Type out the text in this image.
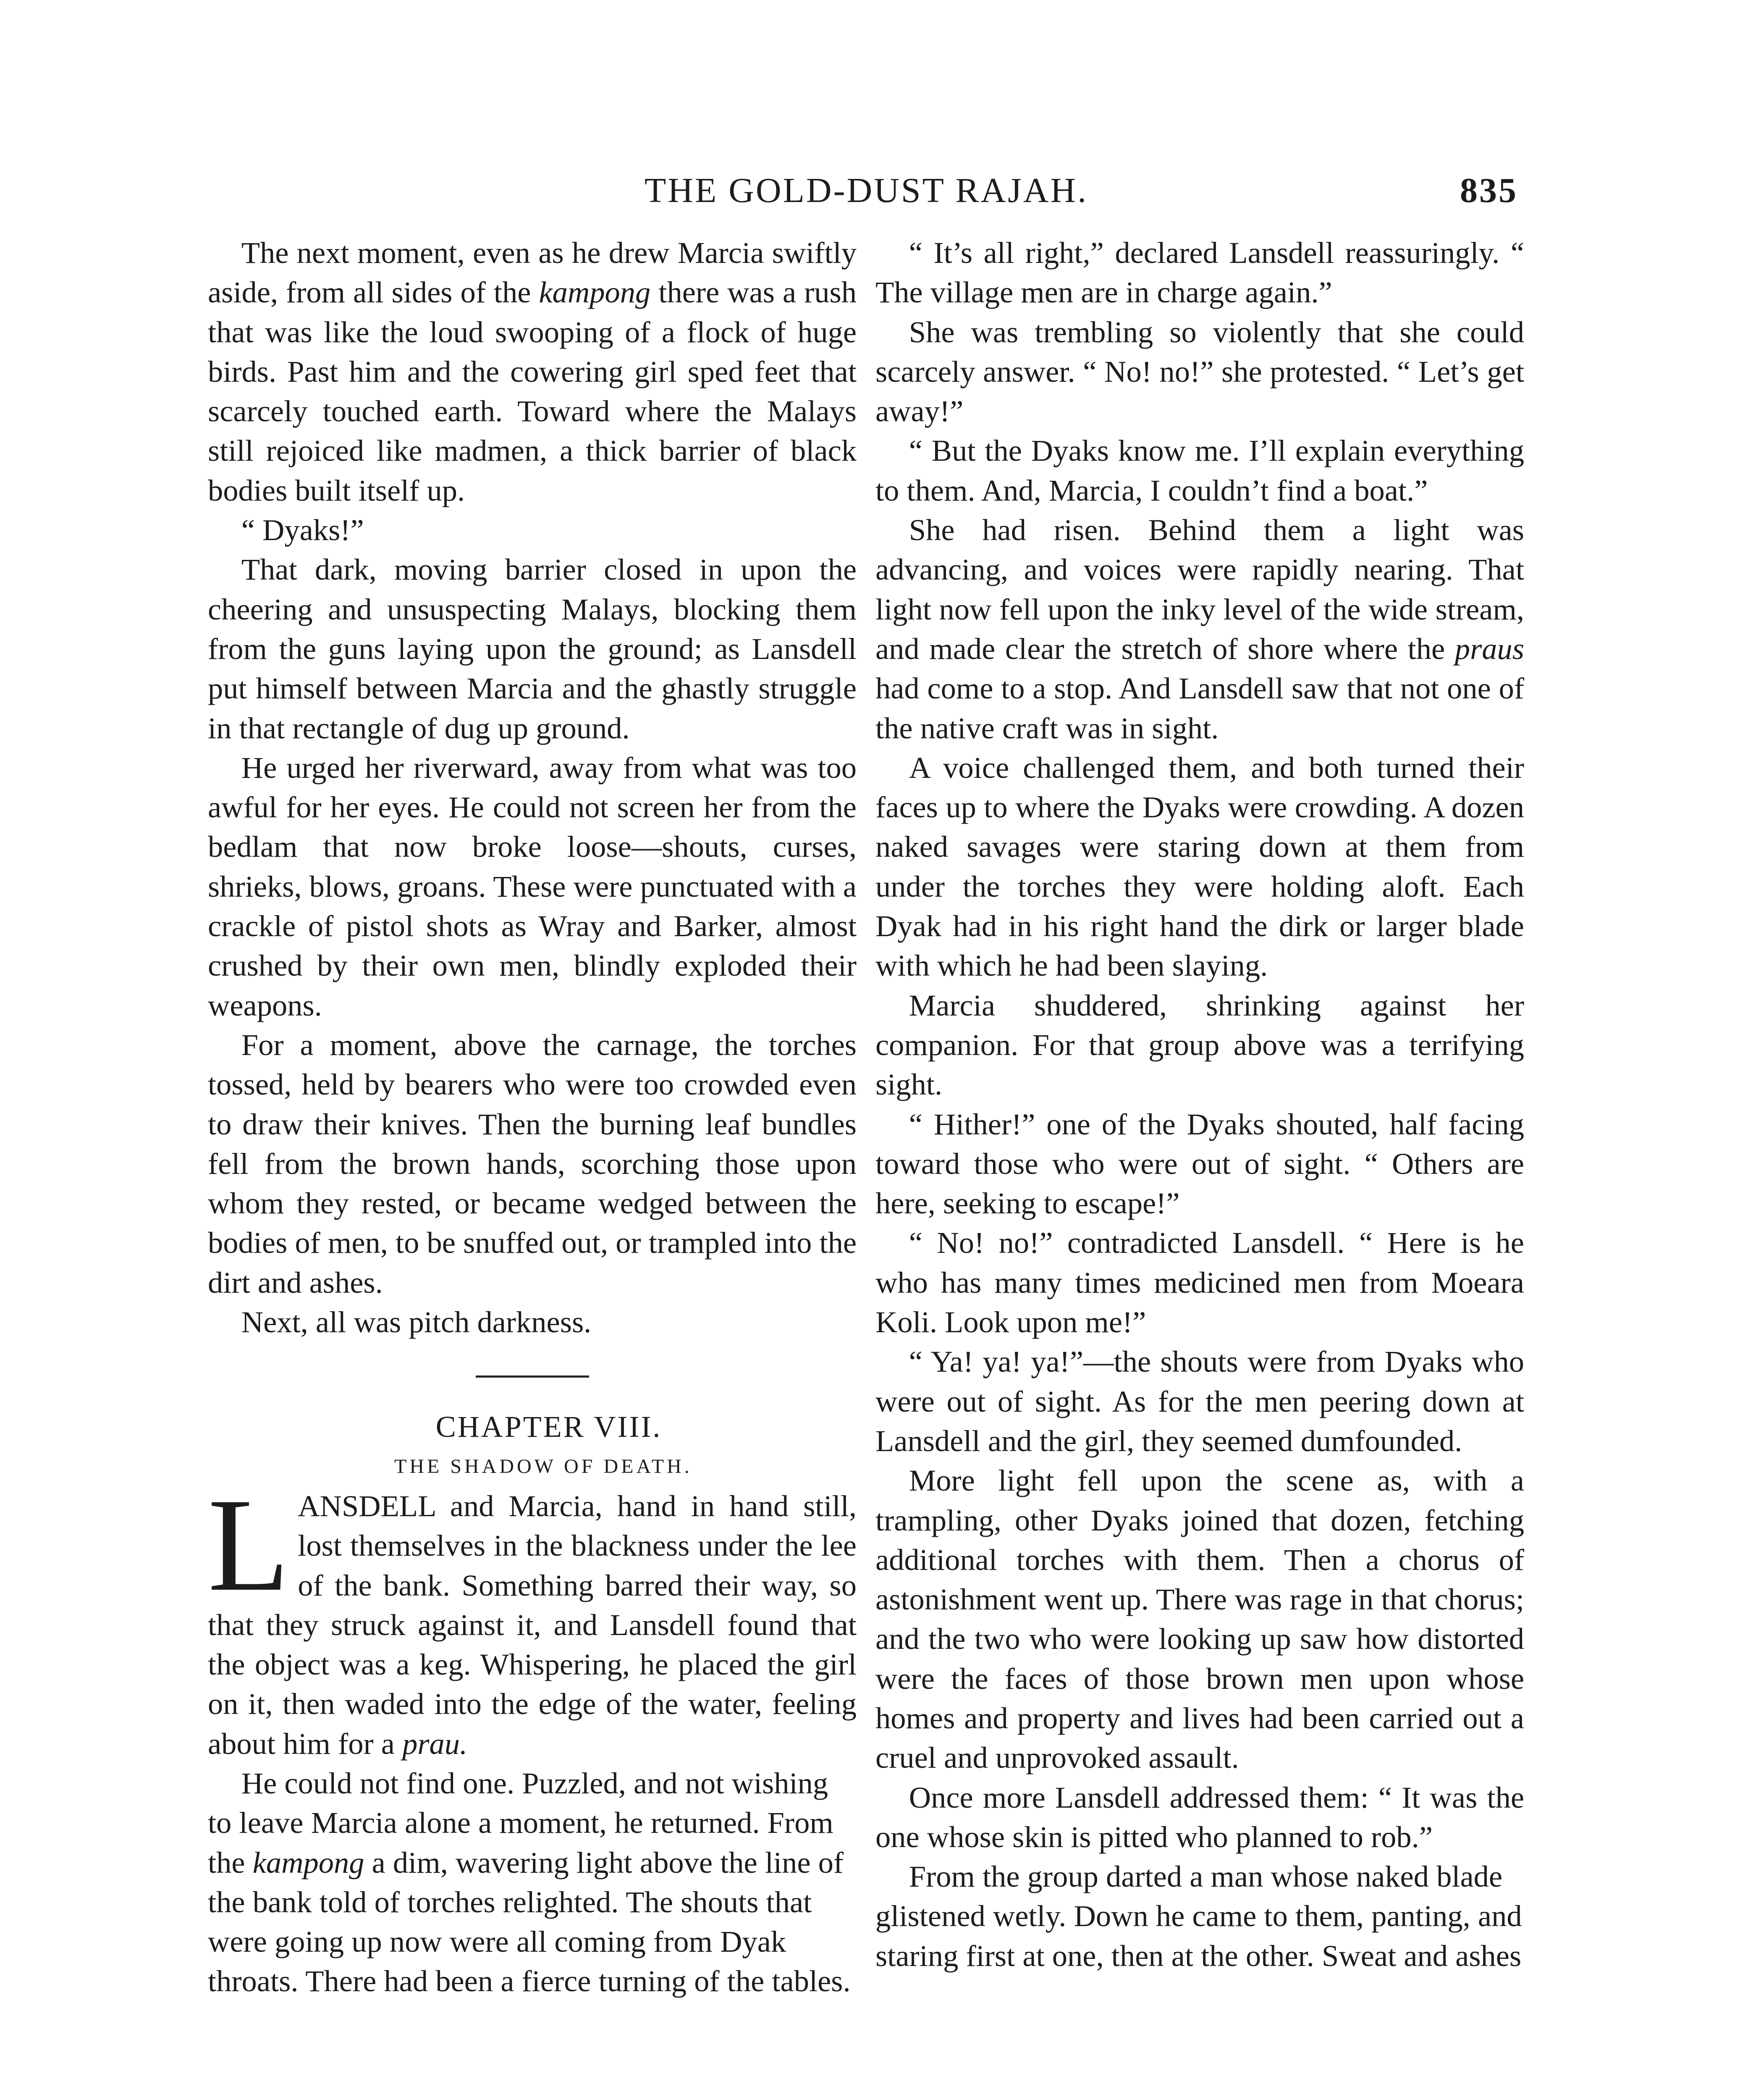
THE GOLD-DUST RAJAH.	835

The next moment, even as he drew Marcia swiftly aside, from all sides of the kampong there was a rush that was like the loud swooping of a flock of huge birds. Past him and the cowering girl sped feet that scarcely touched earth. Toward where the Malays still rejoiced like madmen, a thick barrier of black bodies built itself up.

“ Dyaks!”

That dark, moving barrier closed in upon the cheering and unsuspecting Malays, blocking them from the guns laying upon the ground; as Lansdell put himself between Marcia and the ghastly struggle in that rectangle of dug up ground.

He urged her riverward, away from what was too awful for her eyes. He could not screen her from the bedlam that now broke loose—shouts, curses, shrieks, blows, groans. These were punctuated with a crackle of pistol shots as Wray and Barker, almost crushed by their own men, blindly exploded their weapons.

For a moment, above the carnage, the torches tossed, held by bearers who were too crowded even to draw their knives. Then the burning leaf bundles fell from the brown hands, scorching those upon whom they rested, or became wedged between the bodies of men, to be snuffed out, or trampled into the dirt and ashes.

Next, all was pitch darkness.

CHAPTER VIII.

THE SHADOW OF DEATH.

LANSDELL and Marcia, hand in hand still, lost themselves in the blackness under the lee of the bank. Something barred their way, so that they struck against it, and Lansdell found that the object was a keg. Whispering, he placed the girl on it, then waded into the edge of the water, feeling about him for a prau.

He could not find one. Puzzled, and not wishing to leave Marcia alone a moment, he returned. From the kampong a dim, wavering light above the line of the bank told of torches relighted. The shouts that were going up now were all coming from Dyak throats. There had been a fierce turning of the tables.

“ It’s all right,” declared Lansdell reassuringly. “ The village men are in charge again.”

She was trembling so violently that she could scarcely answer. “ No! no!” she protested. “ Let’s get away!”

“ But the Dyaks know me. I’ll explain everything to them. And, Marcia, I couldn’t find a boat.”

She had risen. Behind them a light was advancing, and voices were rapidly nearing. That light now fell upon the inky level of the wide stream, and made clear the stretch of shore where the praus had come to a stop. And Lansdell saw that not one of the native craft was in sight.

A voice challenged them, and both turned their faces up to where the Dyaks were crowding. A dozen naked savages were staring down at them from under the torches they were holding aloft. Each Dyak had in his right hand the dirk or larger blade with which he had been slaying.

Marcia shuddered, shrinking against her companion. For that group above was a terrifying sight.

“ Hither!” one of the Dyaks shouted, half facing toward those who were out of sight. “ Others are here, seeking to escape!”

“ No! no!” contradicted Lansdell. “ Here is he who has many times medicined men from Moeara Koli. Look upon me!”

“ Ya! ya! ya!”—the shouts were from Dyaks who were out of sight. As for the men peering down at Lansdell and the girl, they seemed dumfounded.

More light fell upon the scene as, with a trampling, other Dyaks joined that dozen, fetching additional torches with them. Then a chorus of astonishment went up. There was rage in that chorus; and the two who were looking up saw how distorted were the faces of those brown men upon whose homes and property and lives had been carried out a cruel and unprovoked assault.

Once more Lansdell addressed them: “ It was the one whose skin is pitted who planned to rob.”

From the group darted a man whose naked blade glistened wetly. Down he came to them, panting, and staring first at one, then at the other. Sweat and ashes
